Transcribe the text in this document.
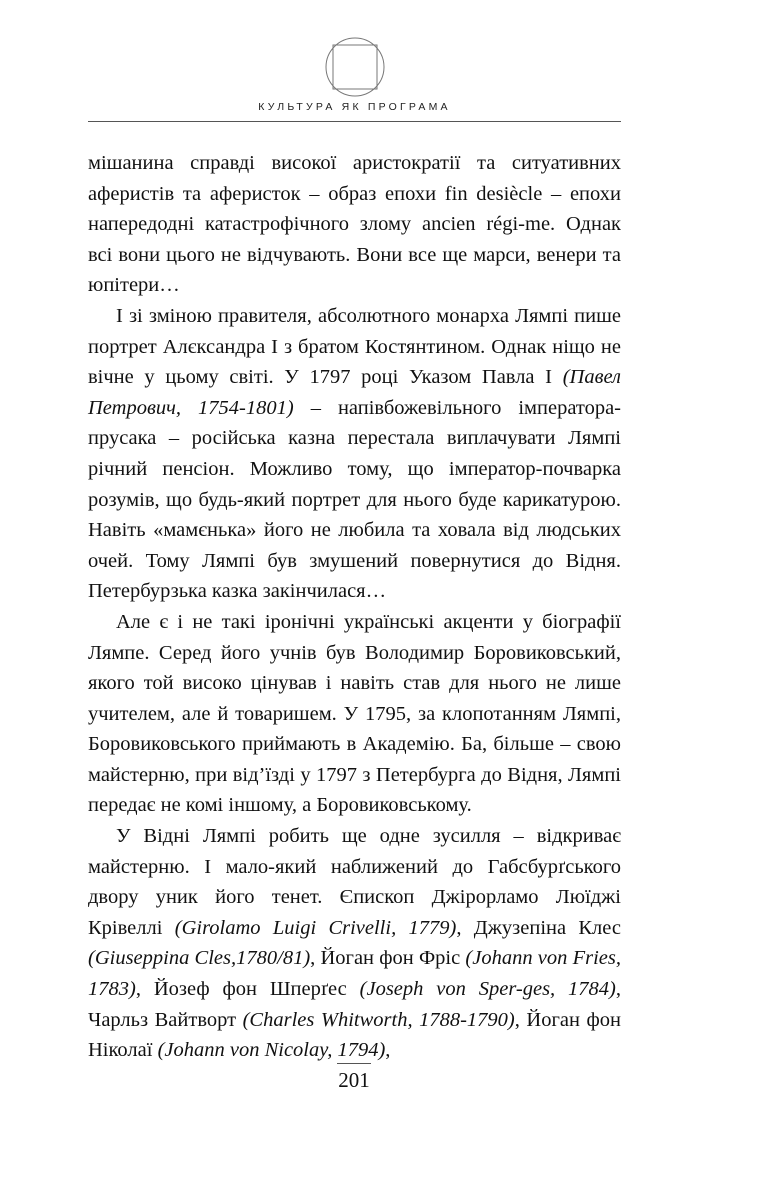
КУЛЬТУРА ЯК ПРОГРАМА

мішанина справді високої аристократії та ситуативних аферистів та аферисток – образ епохи fin desiècle – епохи напередодні катастрофічного злому ancien régi-me. Однак всі вони цього не відчувають. Вони все ще марси, венери та юпітери…

І зі зміною правителя, абсолютного монарха Лямпі пише портрет Алєксандра I з братом Костянтином. Однак ніщо не вічне у цьому світі. У 1797 році Указом Павла I (Павел Петрович, 1754-1801) – напівбожевільного імператора-прусака – російська казна перестала виплачувати Лямпі річний пенсіон. Можливо тому, що імператор-почварка розумів, що будь-який портрет для нього буде карикатурою. Навіть «мамєнька» його не любила та ховала від людських очей. Тому Лямпі був змушений повернутися до Відня. Петербурзька казка закінчилася…

Але є і не такі іронічні українські акценти у біографії Лямпе. Серед його учнів був Володимир Боровиковський, якого той високо цінував і навіть став для нього не лише учителем, але й товаришем. У 1795, за клопотанням Лямпі, Боровиковського приймають в Академію. Ба, більше – свою майстерню, при від’їзді у 1797 з Петербурга до Відня, Лямпі передає не комі іншому, а Боровиковському.

У Відні Лямпі робить ще одне зусилля – відкриває майстерню. І мало-який наближений до Габсбурґського двору уник його тенет. Єпископ Джірорламо Люїджі Крівеллі (Girolamo Luigi Crivelli, 1779), Джузепіна Клес (Giuseppina Cles,1780/81), Йоган фон Фріс (Johann von Fries, 1783), Йозеф фон Шперґес (Joseph von Sper-ges, 1784), Чарльз Вайтворт (Charles Whitworth, 1788-1790), Йоган фон Ніколаї (Johann von Nicolay, 1794),

201
